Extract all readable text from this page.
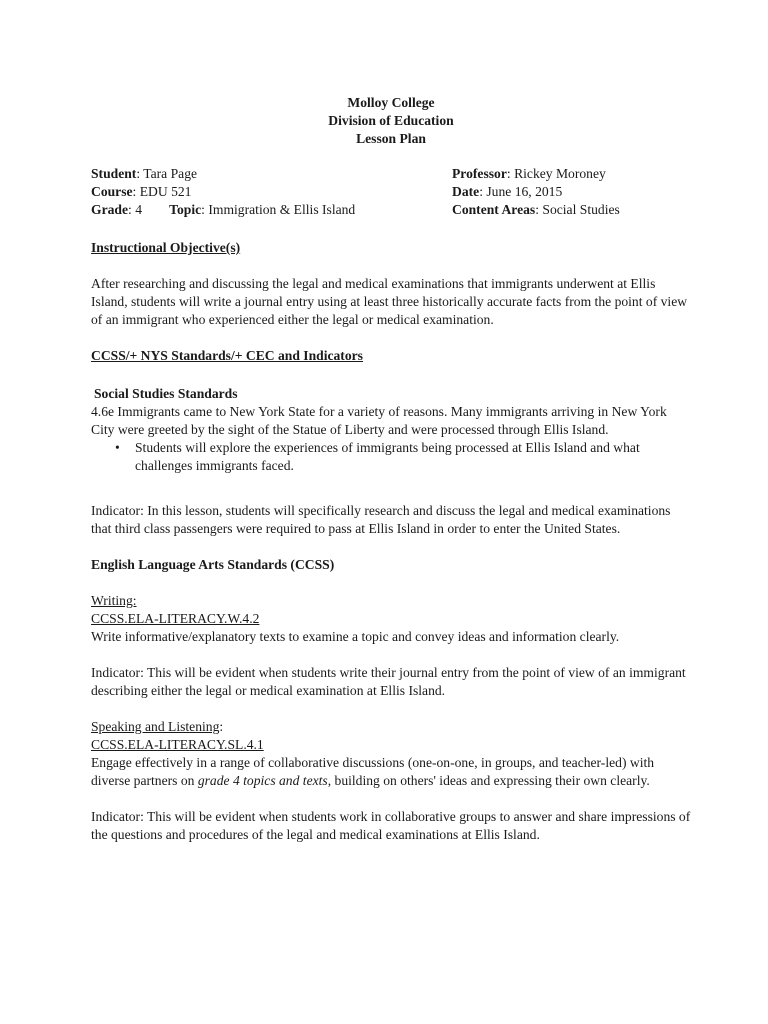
Molloy College
Division of Education
Lesson Plan
Student: Tara Page	Professor: Rickey Moroney
Course: EDU 521	Date: June 16, 2015
Grade: 4 Topic: Immigration & Ellis Island	Content Areas: Social Studies
Instructional Objective(s)

After researching and discussing the legal and medical examinations that immigrants underwent at Ellis Island, students will write a journal entry using at least three historically accurate facts from the point of view of an immigrant who experienced either the legal or medical examination.

CCSS/+ NYS Standards/+ CEC and Indicators
Social Studies Standards

4.6e Immigrants came to New York State for a variety of reasons. Many immigrants arriving in New York City were greeted by the sight of the Statue of Liberty and were processed through Ellis Island.

• Students will explore the experiences of immigrants being processed at Ellis Island and what challenges immigrants faced.

Indicator: In this lesson, students will specifically research and discuss the legal and medical examinations that third class passengers were required to pass at Ellis Island in order to enter the United States.

English Language Arts Standards (CCSS)
Writing:
CCSS.ELA-LITERACY.W.4.2

Write informative/explanatory texts to examine a topic and convey ideas and information clearly.

Indicator: This will be evident when students write their journal entry from the point of view of an immigrant describing either the legal or medical examination at Ellis Island.

Speaking and Listening:
CCSS.ELA-LITERACY.SL.4.1

Engage effectively in a range of collaborative discussions (one-on-one, in groups, and teacher-led) with diverse partners on grade 4 topics and texts, building on others' ideas and expressing their own clearly.

Indicator: This will be evident when students work in collaborative groups to answer and share impressions of the questions and procedures of the legal and medical examinations at Ellis Island.
